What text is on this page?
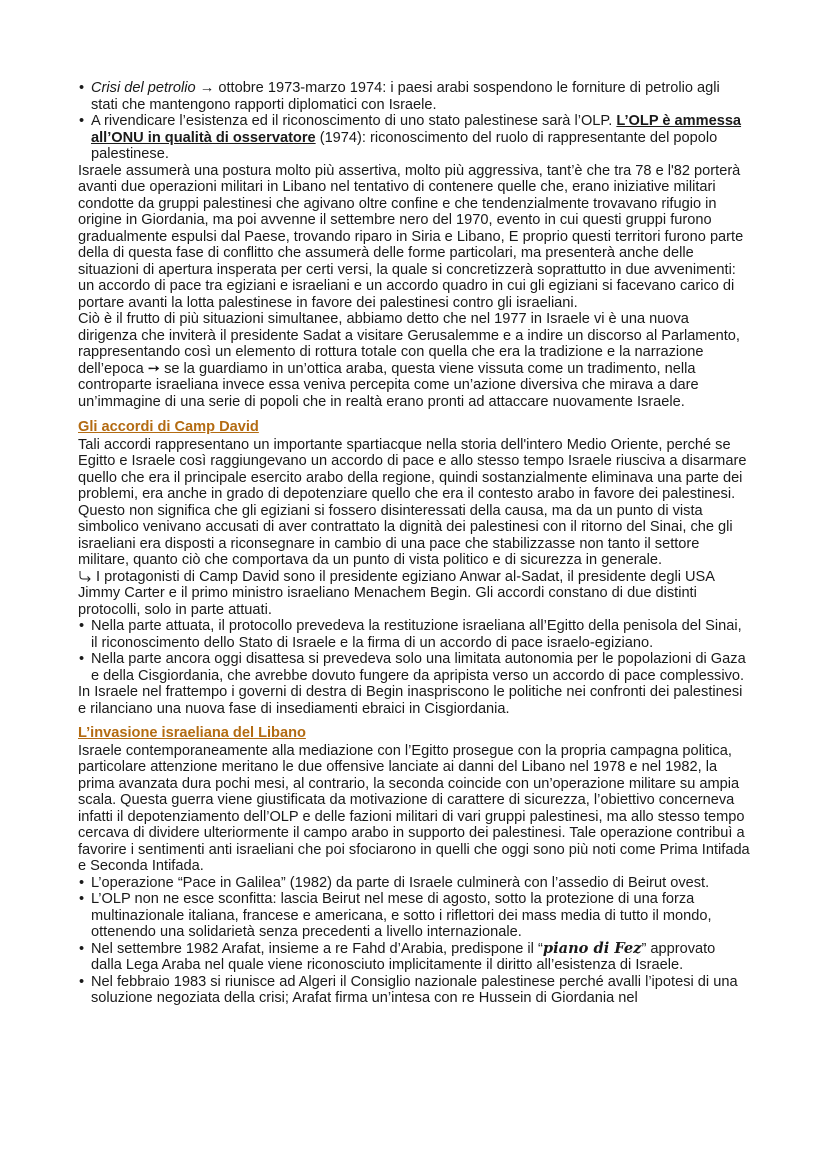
• Crisi del petrolio → ottobre 1973-marzo 1974: i paesi arabi sospendono le forniture di petrolio agli stati che mantengono rapporti diplomatici con Israele.
• A rivendicare l’esistenza ed il riconoscimento di uno stato palestinese sarà l’OLP. L’OLP è ammessa all’ONU in qualità di osservatore (1974): riconoscimento del ruolo di rappresentante del popolo palestinese.

Israele assumerà una postura molto più assertiva, molto più aggressiva, tant’è che tra 78 e l'82 porterà avanti due operazioni militari in Libano nel tentativo di contenere quelle che, erano iniziative militari condotte da gruppi palestinesi che agivano oltre confine e che tendenzialmente trovavano rifugio in origine in Giordania, ma poi avvenne il settembre nero del 1970, evento in cui questi gruppi furono gradualmente espulsi dal Paese, trovando riparo in Siria e Libano, E proprio questi territori furono parte della di questa fase di conflitto che assumerà delle forme particolari, ma presenterà anche delle situazioni di apertura insperata per certi versi, la quale si concretizzerà soprattutto in due avvenimenti: un accordo di pace tra egiziani e israeliani e un accordo quadro in cui gli egiziani si facevano carico di portare avanti la lotta palestinese in favore dei palestinesi contro gli israeliani.

Ciò è il frutto di più situazioni simultanee, abbiamo detto che nel 1977 in Israele vi è una nuova dirigenza che inviterà il presidente Sadat a visitare Gerusalemme e a indire un discorso al Parlamento, rappresentando così un elemento di rottura totale con quella che era la tradizione e la narrazione dell’epoca ➙ se la guardiamo in un’ottica araba, questa viene vissuta come un tradimento, nella controparte israeliana invece essa veniva percepita come un’azione diversiva che mirava a dare un’immagine di una serie di popoli che in realtà erano pronti ad attaccare nuovamente Israele.

Gli accordi di Camp David

Tali accordi rappresentano un importante spartiacque nella storia dell'intero Medio Oriente, perché se Egitto e Israele così raggiungevano un accordo di pace e allo stesso tempo Israele riusciva a disarmare quello che era il principale esercito arabo della regione, quindi sostanzialmente eliminava una parte dei problemi, era anche in grado di depotenziare quello che era il contesto arabo in favore dei palestinesi. Questo non significa che gli egiziani si fossero disinteressati della causa, ma da un punto di vista simbolico venivano accusati di aver contrattato la dignità dei palestinesi con il ritorno del Sinai, che gli israeliani era disposti a riconsegnare in cambio di una pace che stabilizzasse non tanto il settore militare, quanto ciò che comportava da un punto di vista politico e di sicurezza in generale.

I protagonisti di Camp David sono il presidente egiziano Anwar al-Sadat, il presidente degli USA Jimmy Carter e il primo ministro israeliano Menachem Begin. Gli accordi constano di due distinti protocolli, solo in parte attuati.

• Nella parte attuata, il protocollo prevedeva la restituzione israeliana all’Egitto della penisola del Sinai, il riconoscimento dello Stato di Israele e la firma di un accordo di pace israelo-egiziano.
• Nella parte ancora oggi disattesa si prevedeva solo una limitata autonomia per le popolazioni di Gaza e della Cisgiordania, che avrebbe dovuto fungere da apripista verso un accordo di pace complessivo.

In Israele nel frattempo i governi di destra di Begin inaspriscono le politiche nei confronti dei palestinesi e rilanciano una nuova fase di insediamenti ebraici in Cisgiordania.

L’invasione israeliana del Libano

Israele contemporaneamente alla mediazione con l’Egitto prosegue con la propria campagna politica, particolare attenzione meritano le due offensive lanciate ai danni del Libano nel 1978 e nel 1982, la prima avanzata dura pochi mesi, al contrario, la seconda coincide con un’operazione militare su ampia scala. Questa guerra viene giustificata da motivazione di carattere di sicurezza, l’obiettivo concerneva infatti il depotenziamento dell’OLP e delle fazioni militari di vari gruppi palestinesi, ma allo stesso tempo cercava di dividere ulteriormente il campo arabo in supporto dei palestinesi. Tale operazione contribuì a favorire i sentimenti anti israeliani che poi sfociarono in quelli che oggi sono più noti come Prima Intifada e Seconda Intifada.

• L’operazione “Pace in Galilea” (1982) da parte di Israele culminerà con l’assedio di Beirut ovest.
• L’OLP non ne esce sconfitta: lascia Beirut nel mese di agosto, sotto la protezione di una forza multinazionale italiana, francese e americana, e sotto i riflettori dei mass media di tutto il mondo, ottenendo una solidarietà senza precedenti a livello internazionale.
• Nel settembre 1982 Arafat, insieme a re Fahd d’Arabia, predispone il “piano di Fez” approvato dalla Lega Araba nel quale viene riconosciuto implicitamente il diritto all’esistenza di Israele.
• Nel febbraio 1983 si riunisce ad Algeri il Consiglio nazionale palestinese perché avalli l’ipotesi di una soluzione negoziata della crisi; Arafat firma un’intesa con re Hussein di Giordania nel
